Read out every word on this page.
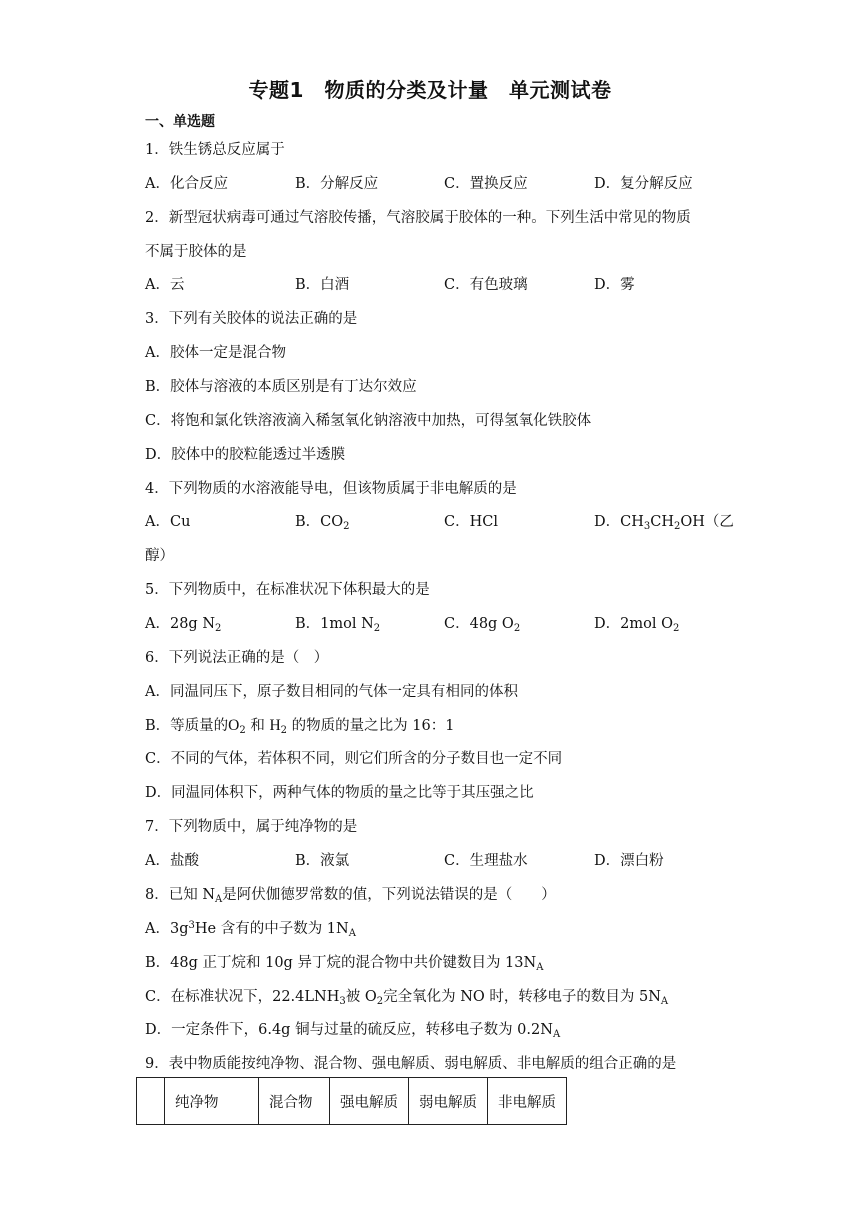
专题1　物质的分类及计量　单元测试卷
一、单选题
1．铁生锈总反应属于
A．化合反应	B．分解反应	C．置换反应	D．复分解反应
2．新型冠状病毒可通过气溶胶传播，气溶胶属于胶体的一种。下列生活中常见的物质
不属于胶体的是
A．云	B．白酒	C．有色玻璃	D．雾
3．下列有关胶体的说法正确的是
A．胶体一定是混合物
B．胶体与溶液的本质区别是有丁达尔效应
C．将饱和氯化铁溶液滴入稀氢氧化钠溶液中加热，可得氢氧化铁胶体
D．胶体中的胶粒能透过半透膜
4．下列物质的水溶液能导电，但该物质属于非电解质的是
A．Cu	B．$CO_2$	C．HCl	D．$CH_3CH_2OH$（乙
醇）
5．下列物质中，在标准状况下体积最大的是
A．28g $N_2$	B．1mol $N_2$	C．48g $O_2$	D．2mol $O_2$
6．下列说法正确的是（　）
A．同温同压下，原子数目相同的气体一定具有相同的体积
B．等质量的$O_2$ 和 $H_2$ 的物质的量之比为 16：1
C．不同的气体，若体积不同，则它们所含的分子数目也一定不同
D．同温同体积下，两种气体的物质的量之比等于其压强之比
7．下列物质中，属于纯净物的是
A．盐酸	B．液氯	C．生理盐水	D．漂白粉
8．已知 $N_A$是阿伏伽德罗常数的值，下列说法错误的是（　　）
A．$3g^3He$ 含有的中子数为 $1N_A$
B．48g 正丁烷和 10g 异丁烷的混合物中共价键数目为 $13N_A$
C．在标准状况下，$22.4LNH_3$被 $O_2$完全氧化为 NO 时，转移电子的数目为 $5N_A$
D．一定条件下，6.4g 铜与过量的硫反应，转移电子数为 $0.2N_A$
9．表中物质能按纯净物、混合物、强电解质、弱电解质、非电解质的组合正确的是
	纯净物	混合物	强电解质	弱电解质	非电解质
